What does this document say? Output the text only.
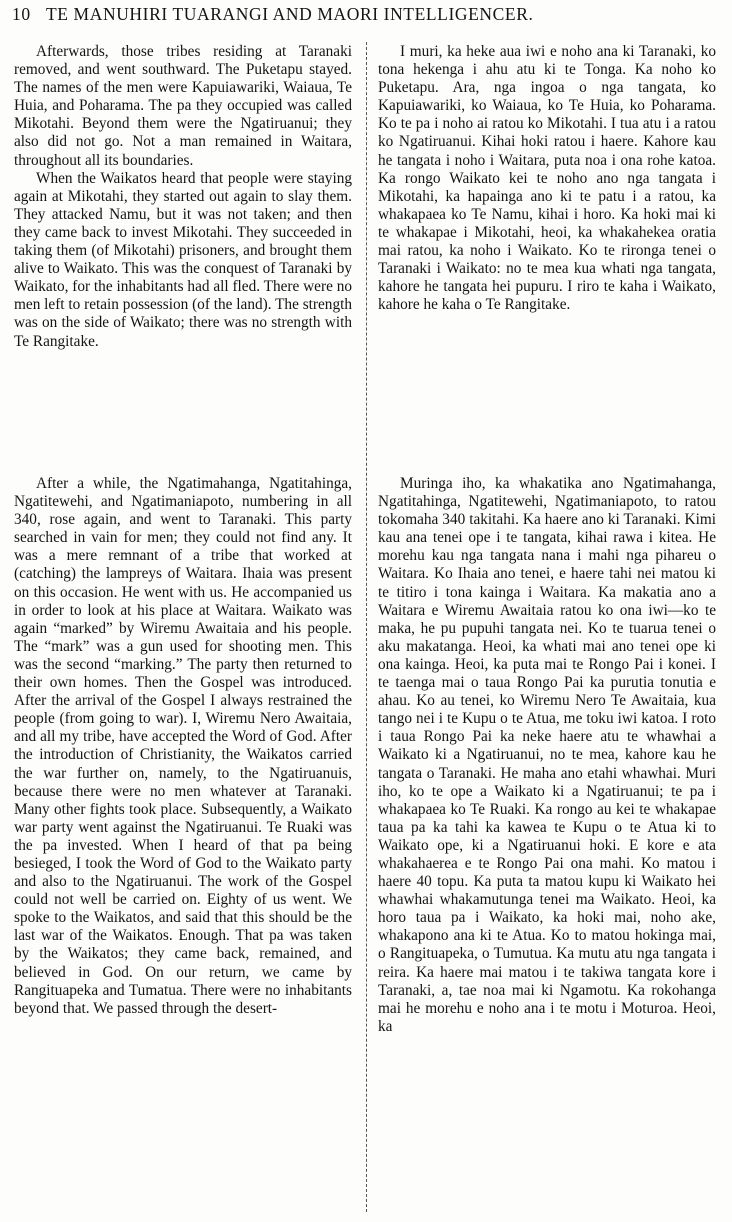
10 TE MANUHIRI TUARANGI AND MAORI INTELLIGENCER.

Afterwards, those tribes residing at Taranaki removed, and went southward. The Puketapu stayed. The names of the men were Kapuiawariki, Waiaua, Te Huia, and Poharama. The pa they occupied was called Mikotahi. Beyond them were the Ngatiruanui; they also did not go. Not a man remained in Waitara, throughout all its boundaries.

When the Waikatos heard that people were staying again at Mikotahi, they started out again to slay them. They attacked Namu, but it was not taken; and then they came back to invest Mikotahi. They succeeded in taking them (of Mikotahi) prisoners, and brought them alive to Waikato. This was the conquest of Taranaki by Waikato, for the inhabitants had all fled. There were no men left to retain possession (of the land). The strength was on the side of Waikato; there was no strength with Te Rangitake.

After a while, the Ngatimahanga, Ngatitahinga, Ngatitewehi, and Ngatimaniapoto, numbering in all 340, rose again, and went to Taranaki. This party searched in vain for men; they could not find any. It was a mere remnant of a tribe that worked at (catching) the lampreys of Waitara. Ihaia was present on this occasion. He went with us. He accompanied us in order to look at his place at Waitara. Waikato was again “marked” by Wiremu Awaitaia and his people. The “mark” was a gun used for shooting men. This was the second “marking.” The party then returned to their own homes. Then the Gospel was introduced. After the arrival of the Gospel I always restrained the people (from going to war). I, Wiremu Nero Awaitaia, and all my tribe, have accepted the Word of God. After the introduction of Christianity, the Waikatos carried the war further on, namely, to the Ngatiruanuis, because there were no men whatever at Taranaki. Many other fights took place. Subsequently, a Waikato war party went against the Ngatiruanui. Te Ruaki was the pa invested. When I heard of that pa being besieged, I took the Word of God to the Waikato party and also to the Ngatiruanui. The work of the Gospel could not well be carried on. Eighty of us went. We spoke to the Waikatos, and said that this should be the last war of the Waikatos. Enough. That pa was taken by the Waikatos; they came back, remained, and believed in God. On our return, we came by Rangituapeka and Tumatua. There were no inhabitants beyond that. We passed through the desert-

I muri, ka heke aua iwi e noho ana ki Taranaki, ko tona hekenga i ahu atu ki te Tonga. Ka noho ko Puketapu. Ara, nga ingoa o nga tangata, ko Kapuiawariki, ko Waiaua, ko Te Huia, ko Poharama. Ko te pa i noho ai ratou ko Mikotahi. I tua atu i a ratou ko Ngatiruanui. Kihai hoki ratou i haere. Kahore kau he tangata i noho i Waitara, puta noa i ona rohe katoa. Ka rongo Waikato kei te noho ano nga tangata i Mikotahi, ka hapainga ano ki te patu i a ratou, ka whakapaea ko Te Namu, kihai i horo. Ka hoki mai ki te whakapae i Mikotahi, heoi, ka whakahekea oratia mai ratou, ka noho i Waikato. Ko te rironga tenei o Taranaki i Waikato: no te mea kua whati nga tangata, kahore he tangata hei pupuru. I riro te kaha i Waikato, kahore he kaha o Te Rangitake.

Muringa iho, ka whakatika ano Ngatimahanga, Ngatitahinga, Ngatitewehi, Ngatimaniapoto, to ratou tokomaha 340 takitahi. Ka haere ano ki Taranaki. Kimi kau ana tenei ope i te tangata, kihai rawa i kitea. He morehu kau nga tangata nana i mahi nga pihareu o Waitara. Ko Ihaia ano tenei, e haere tahi nei matou ki te titiro i tona kainga i Waitara. Ka makatia ano a Waitara e Wiremu Awaitaia ratou ko ona iwi—ko te maka, he pu pupuhi tangata nei. Ko te tuarua tenei o aku makatanga. Heoi, ka whati mai ano tenei ope ki ona kainga. Heoi, ka puta mai te Rongo Pai i konei. I te taenga mai o taua Rongo Pai ka purutia tonutia e ahau. Ko au tenei, ko Wiremu Nero Te Awaitaia, kua tango nei i te Kupu o te Atua, me toku iwi katoa. I roto i taua Rongo Pai ka neke haere atu te whawhai a Waikato ki a Ngatiruanui, no te mea, kahore kau he tangata o Taranaki. He maha ano etahi whawhai. Muri iho, ko te ope a Waikato ki a Ngatiruanui; te pa i whakapaea ko Te Ruaki. Ka rongo au kei te whakapae taua pa ka tahi ka kawea te Kupu o te Atua ki to Waikato ope, ki a Ngatiruanui hoki. E kore e ata whakahaerea e te Rongo Pai ona mahi. Ko matou i haere 40 topu. Ka puta ta matou kupu ki Waikato hei whawhai whakamutunga tenei ma Waikato. Heoi, ka horo taua pa i Waikato, ka hoki mai, noho ake, whakapono ana ki te Atua. Ko to matou hokinga mai, o Rangituapeka, o Tumutua. Ka mutu atu nga tangata i reira. Ka haere mai matou i te takiwa tangata kore i Taranaki, a, tae noa mai ki Ngamotu. Ka rokohanga mai he morehu e noho ana i te motu i Moturoa. Heoi, ka
